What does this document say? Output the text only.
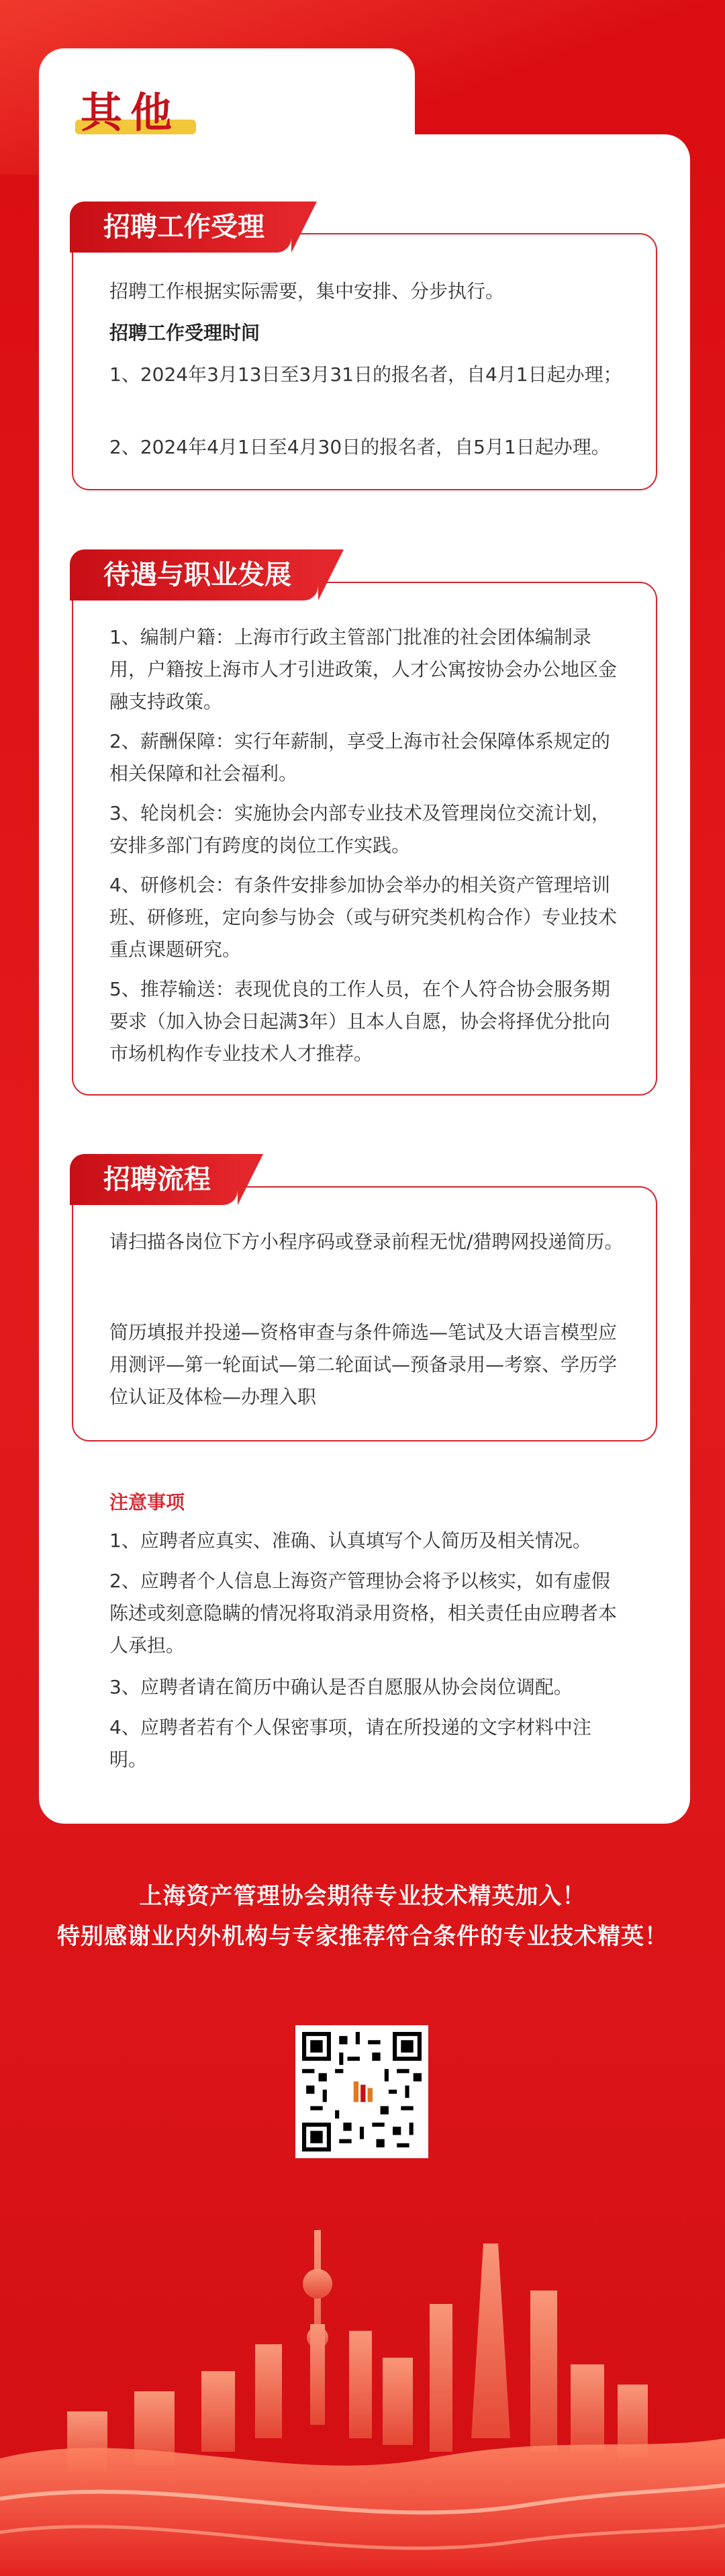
其他
招聘工作受理
招聘工作根据实际需要，集中安排、分步执行。
招聘工作受理时间
1、2024年3月13日至3月31日的报名者，自4月1日起办理；
2、2024年4月1日至4月30日的报名者，自5月1日起办理。
待遇与职业发展
1、编制户籍：上海市行政主管部门批准的社会团体编制录用，户籍按上海市人才引进政策，人才公寓按协会办公地区金融支持政策。
2、薪酬保障：实行年薪制，享受上海市社会保障体系规定的相关保障和社会福利。
3、轮岗机会：实施协会内部专业技术及管理岗位交流计划，安排多部门有跨度的岗位工作实践。
4、研修机会：有条件安排参加协会举办的相关资产管理培训班、研修班，定向参与协会（或与研究类机构合作）专业技术重点课题研究。
5、推荐输送：表现优良的工作人员，在个人符合协会服务期要求（加入协会日起满3年）且本人自愿，协会将择优分批向市场机构作专业技术人才推荐。
招聘流程
请扫描各岗位下方小程序码或登录前程无忧/猎聘网投递简历。
简历填报并投递—资格审查与条件筛选—笔试及大语言模型应用测评—第一轮面试—第二轮面试—预备录用—考察、学历学位认证及体检—办理入职
注意事项
1、应聘者应真实、准确、认真填写个人简历及相关情况。
2、应聘者个人信息上海资产管理协会将予以核实，如有虚假陈述或刻意隐瞒的情况将取消录用资格，相关责任由应聘者本人承担。
3、应聘者请在简历中确认是否自愿服从协会岗位调配。
4、应聘者若有个人保密事项，请在所投递的文字材料中注明。
上海资产管理协会期待专业技术精英加入！
特别感谢业内外机构与专家推荐符合条件的专业技术精英！
